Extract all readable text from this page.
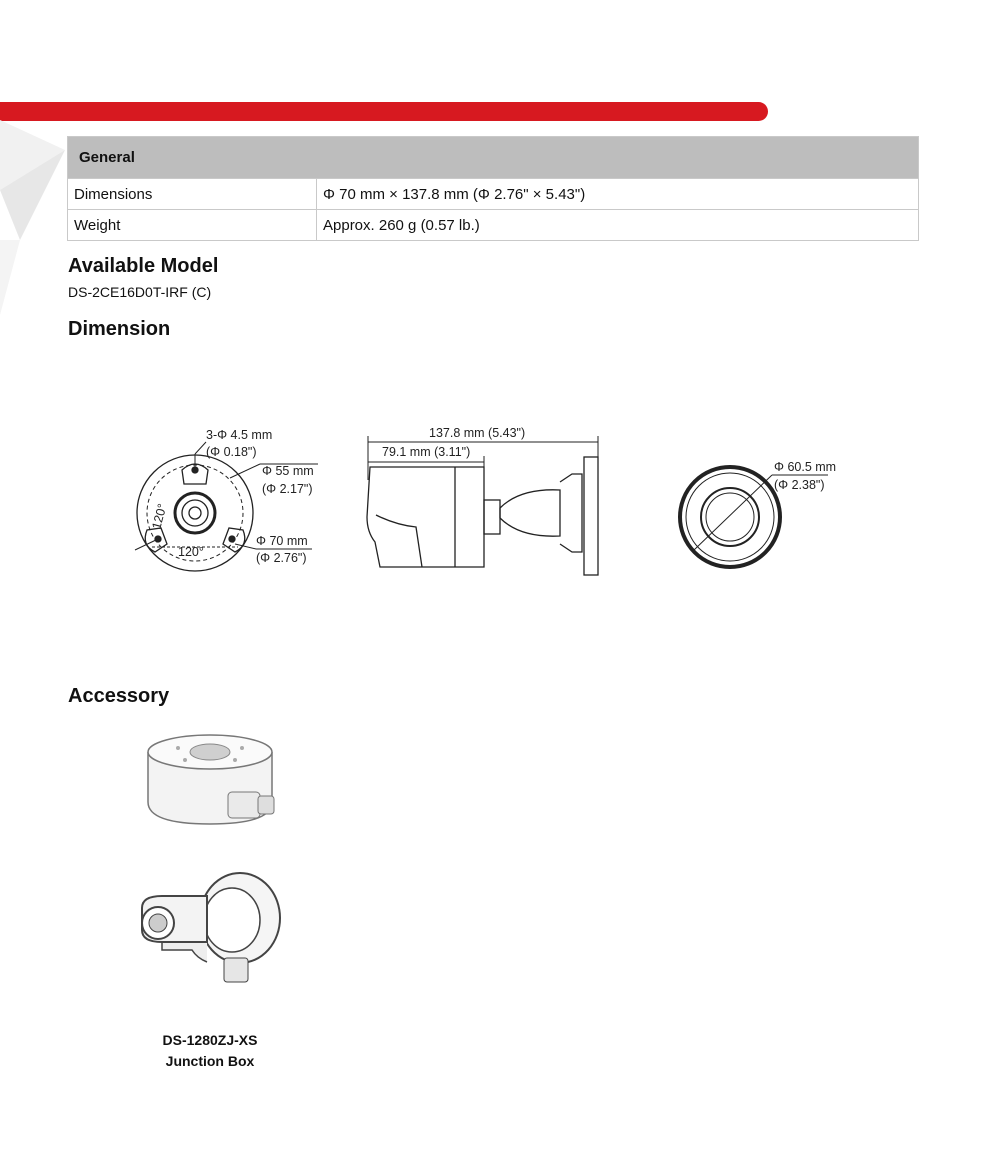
General	
Dimensions	Φ 70 mm × 137.8 mm (Φ 2.76" × 5.43")
Weight	Approx. 260 g (0.57 lb.)
Available Model
DS-2CE16D0T-IRF (C)
Dimension
3-Φ 4.5 mm
(Φ 0.18")
Φ 55 mm
(Φ 2.17")
Φ 70 mm
(Φ 2.76")
120°
120°
137.8 mm (5.43")
79.1 mm (3.11")
Φ 60.5 mm
(Φ 2.38")
Accessory
DS-1280ZJ-XS
Junction Box
